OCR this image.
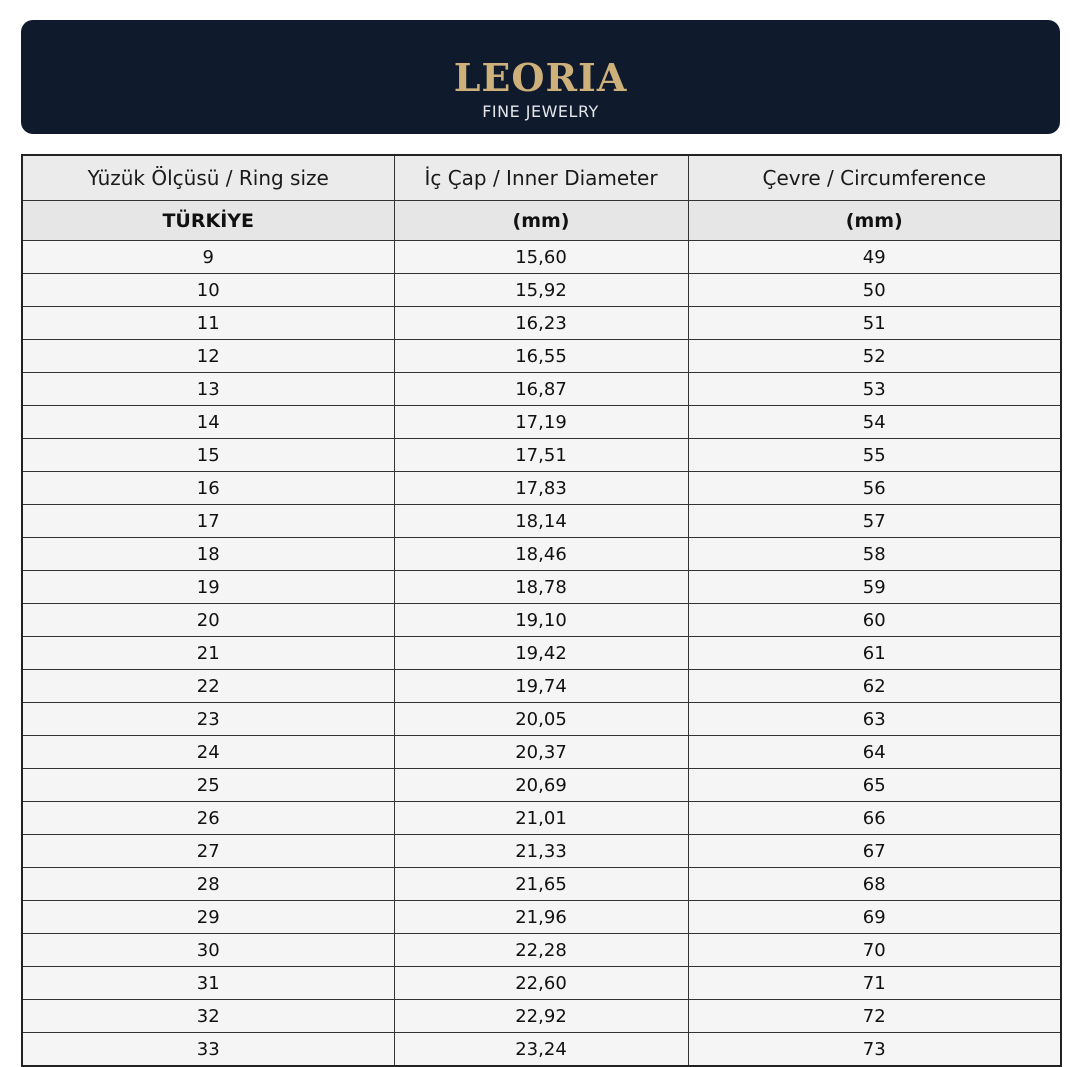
LEORIA
FINE JEWELRY
Yüzük Ölçüsü / Ring size	İç Çap / Inner Diameter	Çevre / Circumference
TÜRKİYE	(mm)	(mm)
9	15,60	49
10	15,92	50
11	16,23	51
12	16,55	52
13	16,87	53
14	17,19	54
15	17,51	55
16	17,83	56
17	18,14	57
18	18,46	58
19	18,78	59
20	19,10	60
21	19,42	61
22	19,74	62
23	20,05	63
24	20,37	64
25	20,69	65
26	21,01	66
27	21,33	67
28	21,65	68
29	21,96	69
30	22,28	70
31	22,60	71
32	22,92	72
33	23,24	73
